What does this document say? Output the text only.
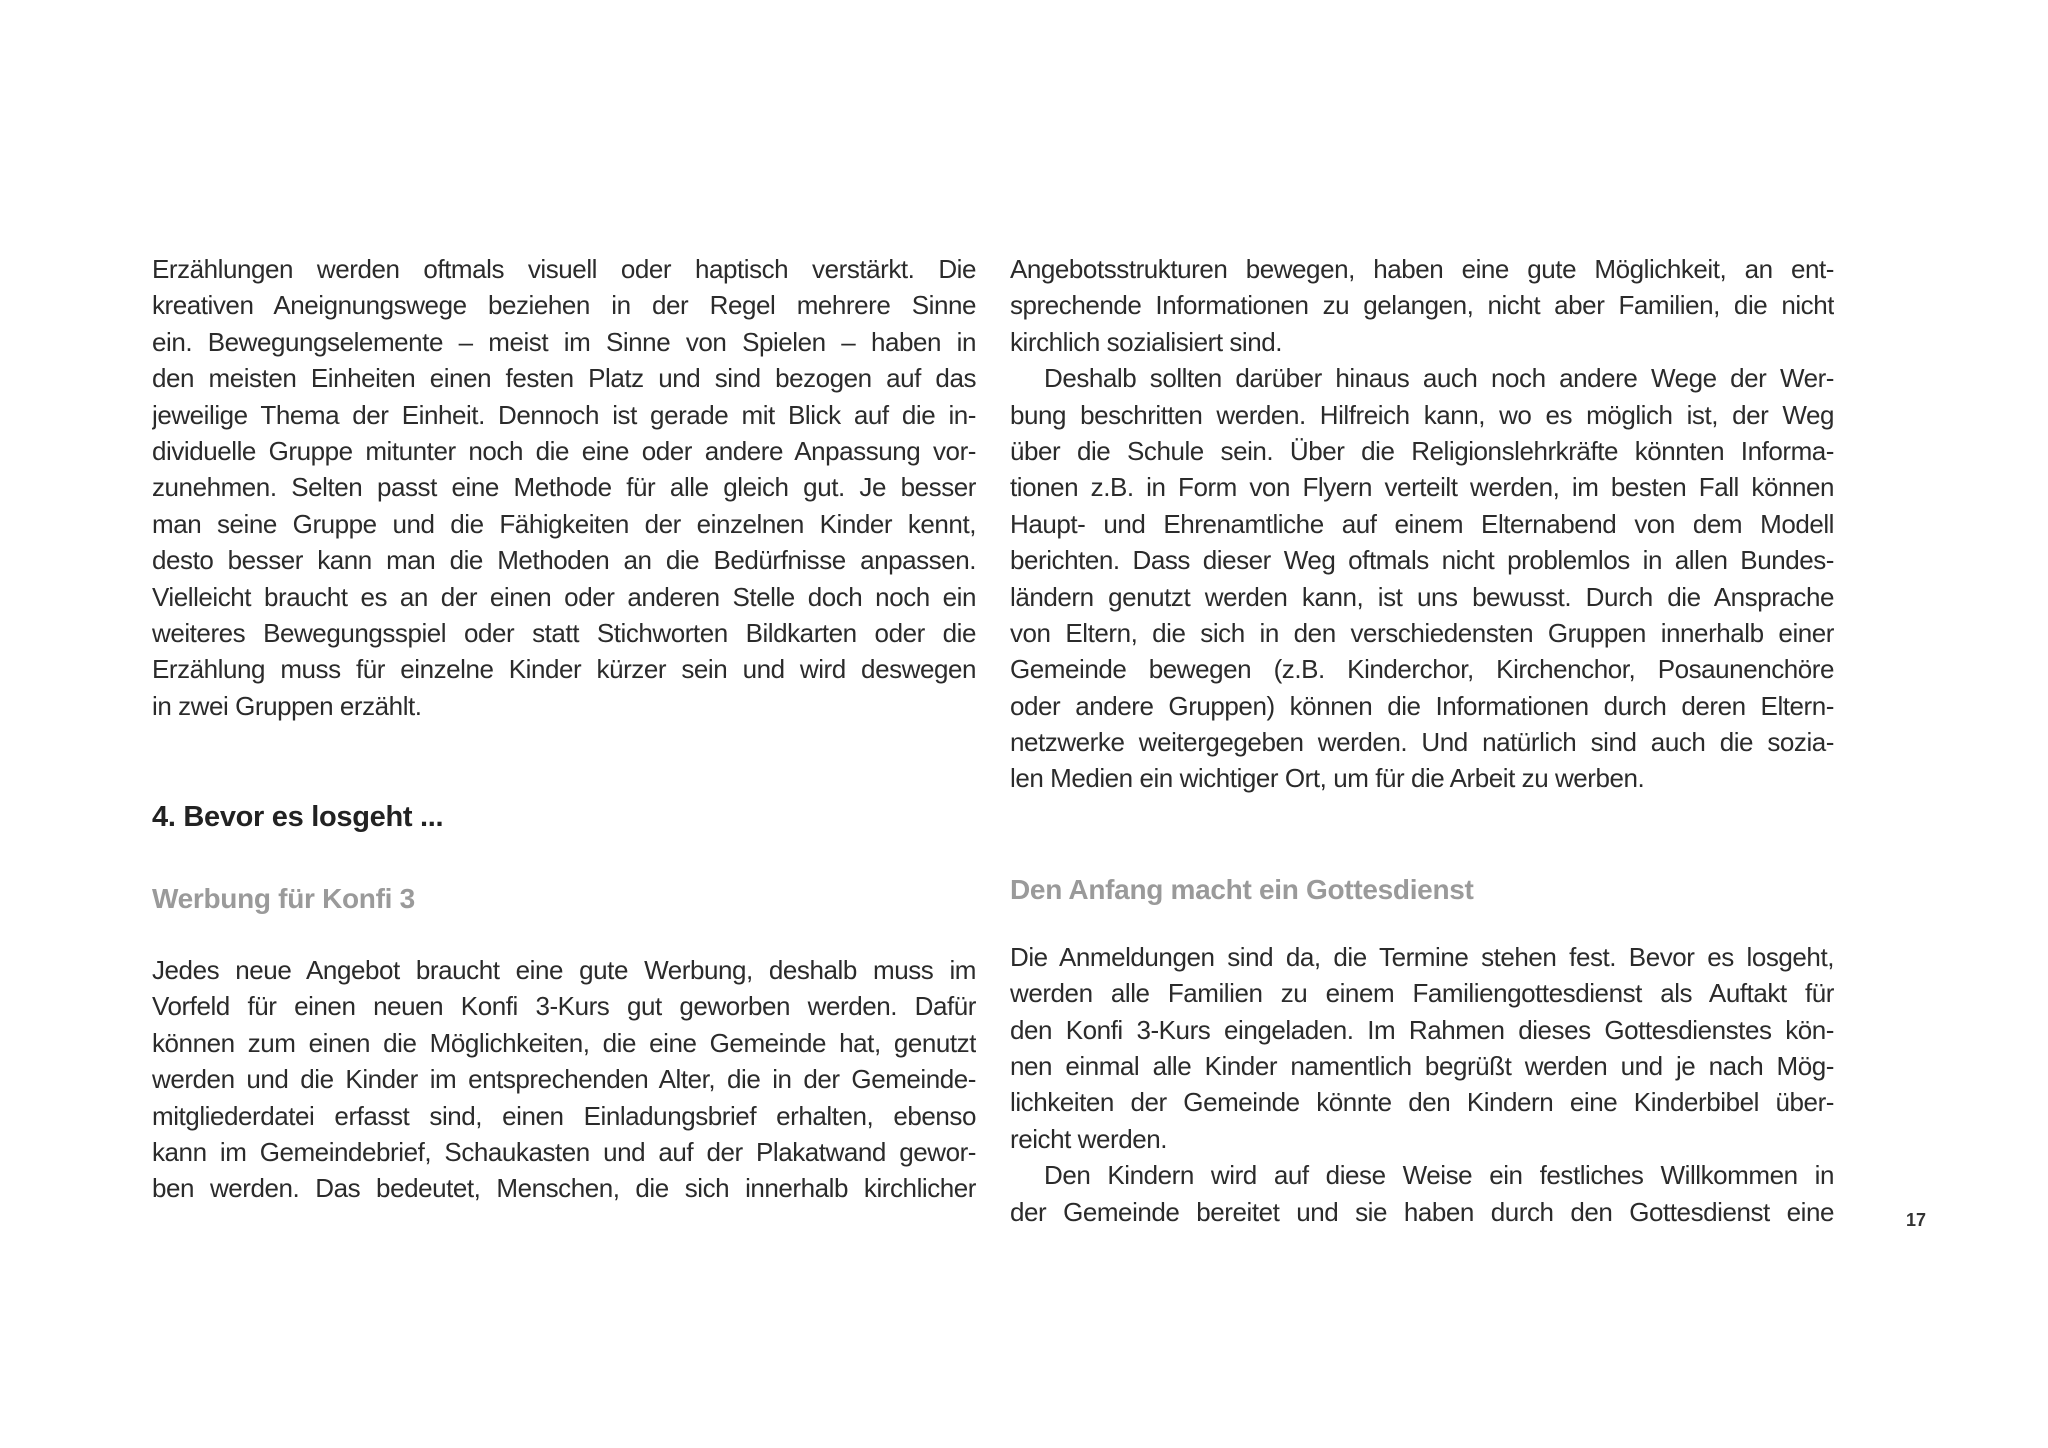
Erzählungen werden oftmals visuell oder haptisch verstärkt. Die
kreativen Aneignungswege beziehen in der Regel mehrere Sinne
ein. Bewegungselemente – meist im Sinne von Spielen – haben in
den meisten Einheiten einen festen Platz und sind bezogen auf das
jeweilige Thema der Einheit. Dennoch ist gerade mit Blick auf die in-
dividuelle Gruppe mitunter noch die eine oder andere Anpassung vor-
zunehmen. Selten passt eine Methode für alle gleich gut. Je besser
man seine Gruppe und die Fähigkeiten der einzelnen Kinder kennt,
desto besser kann man die Methoden an die Bedürfnisse anpassen.
Vielleicht braucht es an der einen oder anderen Stelle doch noch ein
weiteres Bewegungsspiel oder statt Stichworten Bildkarten oder die
Erzählung muss für einzelne Kinder kürzer sein und wird deswegen
in zwei Gruppen erzählt.
4. Bevor es losgeht ...
Werbung für Konfi 3
Jedes neue Angebot braucht eine gute Werbung, deshalb muss im
Vorfeld für einen neuen Konfi 3-Kurs gut geworben werden. Dafür
können zum einen die Möglichkeiten, die eine Gemeinde hat, genutzt
werden und die Kinder im entsprechenden Alter, die in der Gemeinde-
mitgliederdatei erfasst sind, einen Einladungsbrief erhalten, ebenso
kann im Gemeindebrief, Schaukasten und auf der Plakatwand gewor-
ben werden. Das bedeutet, Menschen, die sich innerhalb kirchlicher
Angebotsstrukturen bewegen, haben eine gute Möglichkeit, an ent-
sprechende Informationen zu gelangen, nicht aber Familien, die nicht
kirchlich sozialisiert sind.
Deshalb sollten darüber hinaus auch noch andere Wege der Wer-
bung beschritten werden. Hilfreich kann, wo es möglich ist, der Weg
über die Schule sein. Über die Religionslehrkräfte könnten Informa-
tionen z.B. in Form von Flyern verteilt werden, im besten Fall können
Haupt- und Ehrenamtliche auf einem Elternabend von dem Modell
berichten. Dass dieser Weg oftmals nicht problemlos in allen Bundes-
ländern genutzt werden kann, ist uns bewusst. Durch die Ansprache
von Eltern, die sich in den verschiedensten Gruppen innerhalb einer
Gemeinde bewegen (z.B. Kinderchor, Kirchenchor, Posaunenchöre
oder andere Gruppen) können die Informationen durch deren Eltern-
netzwerke weitergegeben werden. Und natürlich sind auch die sozia-
len Medien ein wichtiger Ort, um für die Arbeit zu werben.
Den Anfang macht ein Gottesdienst
Die Anmeldungen sind da, die Termine stehen fest. Bevor es losgeht,
werden alle Familien zu einem Familiengottesdienst als Auftakt für
den Konfi 3-Kurs eingeladen. Im Rahmen dieses Gottesdienstes kön-
nen einmal alle Kinder namentlich begrüßt werden und je nach Mög-
lichkeiten der Gemeinde könnte den Kindern eine Kinderbibel über-
reicht werden.
Den Kindern wird auf diese Weise ein festliches Willkommen in
der Gemeinde bereitet und sie haben durch den Gottesdienst eine	17
